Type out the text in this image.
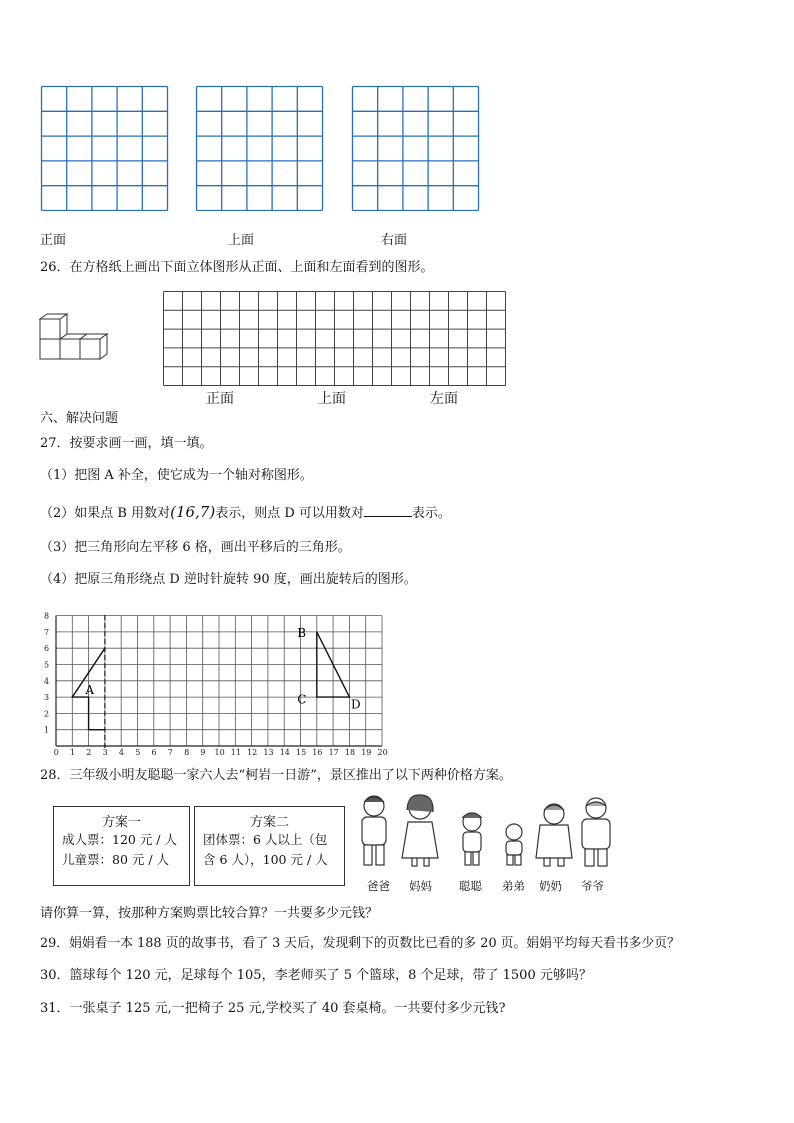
正面	上面	右面
26．在方格纸上画出下面立体图形从正面、上面和左面看到的图形。
正面	上面	左面
六、解决问题
27．按要求画一画，填一填。
（1）把图 A 补全，使它成为一个轴对称图形。
（2）如果点 B 用数对(16,7)表示，则点 D 可以用数对	表示。
（3）把三角形向左平移 6 格，画出平移后的三角形。
（4）把原三角形绕点 D 逆时针旋转 90 度，画出旋转后的图形。
0 1 2 3 4 5 6 7 8 9 10 11 12 13 14 15 16 17 18 19 20
1
2
3
4
5
6
7
8
A
B
C	D
28．三年级小明友聪聪一家六人去“柯岩一日游”，景区推出了以下两种价格方案。
方案一
成人票：120 元 / 人
儿童票：80 元 / 人
方案二
团体票：6 人以上（包
含 6 人），100 元 / 人
爸爸 妈妈 聪聪 弟弟 奶奶 爷爷
请你算一算，按那种方案购票比较合算？一共要多少元钱？
29．娟娟看一本 188 页的故事书，看了 3 天后，发现剩下的页数比已看的多 20 页。娟娟平均每天看书多少页？
30．篮球每个 120 元，足球每个 105，李老师买了 5 个篮球，8 个足球，带了 1500 元够吗？
31．一张桌子 125 元,一把椅子 25 元,学校买了 40 套桌椅。一共要付多少元钱?
